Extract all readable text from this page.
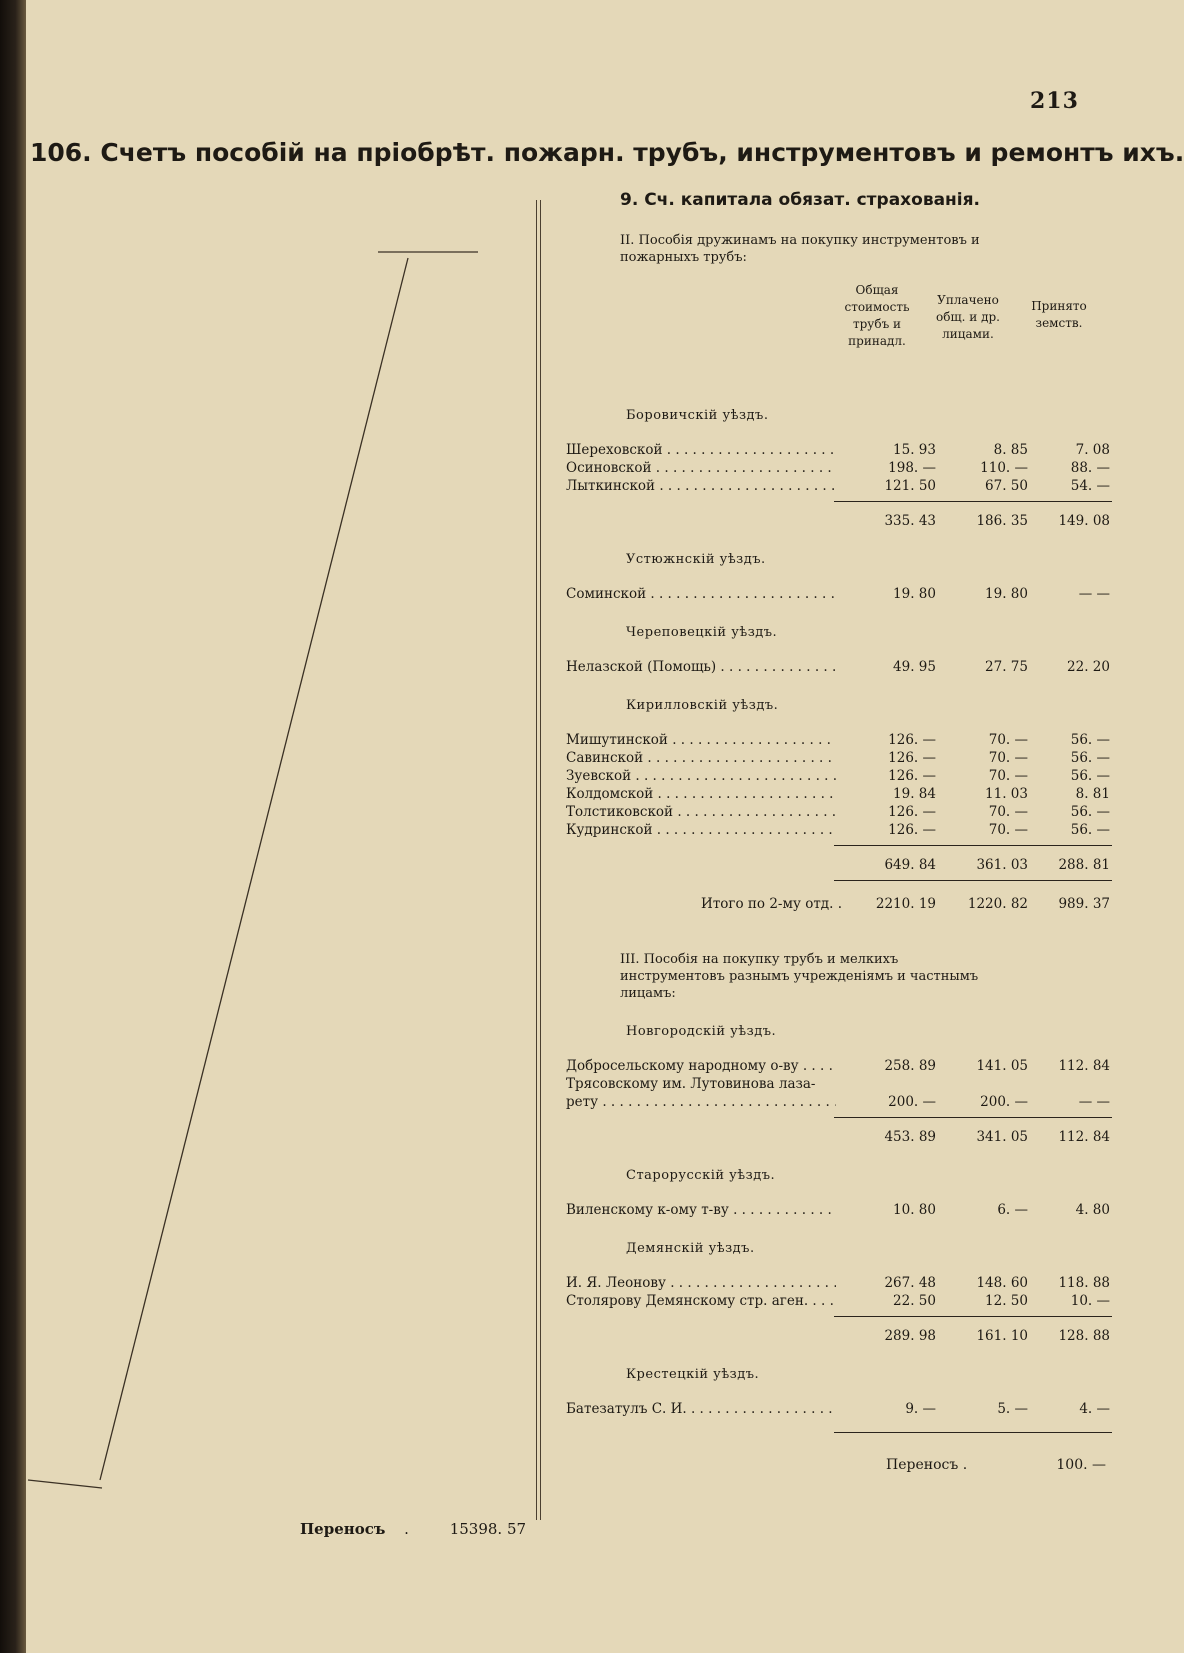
213
106. Счетъ пособій на пріобрѣт. пожарн. трубъ, инструментовъ и ремонтъ ихъ.
Переносъ .	15398. 57
9. Сч. капитала обязат. страхованія.
II. Пособія дружинамъ на покупку инструментовъ и пожарныхъ трубъ:
Общая стоимость трубъ и принадл.
Уплачено общ. и др. лицами.
Принято земств.
Боровичскій уѣздъ.
Шереховской . . .	15. 93	8. 85	7. 08
Осиновской . . .	198. —	110. —	88. —
Лыткинской . . .	121. 50	67. 50	54. —
335. 43	186. 35	149. 08
Устюжнскій уѣздъ.
Соминской . . .	19. 80	19. 80	— —
Череповецкій уѣздъ.
Нелазской (Помощь) . . .	49. 95	27. 75	22. 20
Кирилловскій уѣздъ.
Мишутинской . . .	126. —	70. —	56. —
Савинской . . .	126. —	70. —	56. —
Зуевской . . .	126. —	70. —	56. —
Колдомской . . .	19. 84	11. 03	8. 81
Толстиковской . . .	126. —	70. —	56. —
Кудринской . . .	126. —	70. —	56. —
649. 84	361. 03	288. 81
Итого по 2-му отд. .	2210. 19	1220. 82	989. 37
III. Пособія на покупку трубъ и мелкихъ инструментовъ разнымъ учрежденіямъ и частнымъ лицамъ:
Новгородскій уѣздъ.
Добросельскому народному о-ву . . .	258. 89	141. 05	112. 84
Трясовскому им. Лутовинова лаза-
рету . . .	200. —	200. —	— —
453. 89	341. 05	112. 84
Старорусскій уѣздъ.
Виленскому к-ому т-ву . . .	10. 80	6. —	4. 80
Демянскій уѣздъ.
И. Я. Леонову . . .	267. 48	148. 60	118. 88
Столярову Демянскому стр. аген. . . .	22. 50	12. 50	10. —
289. 98	161. 10	128. 88
Крестецкій уѣздъ.
Батезатулъ С. И. . . .	9. —	5. —	4. —
Переносъ .	100. —
